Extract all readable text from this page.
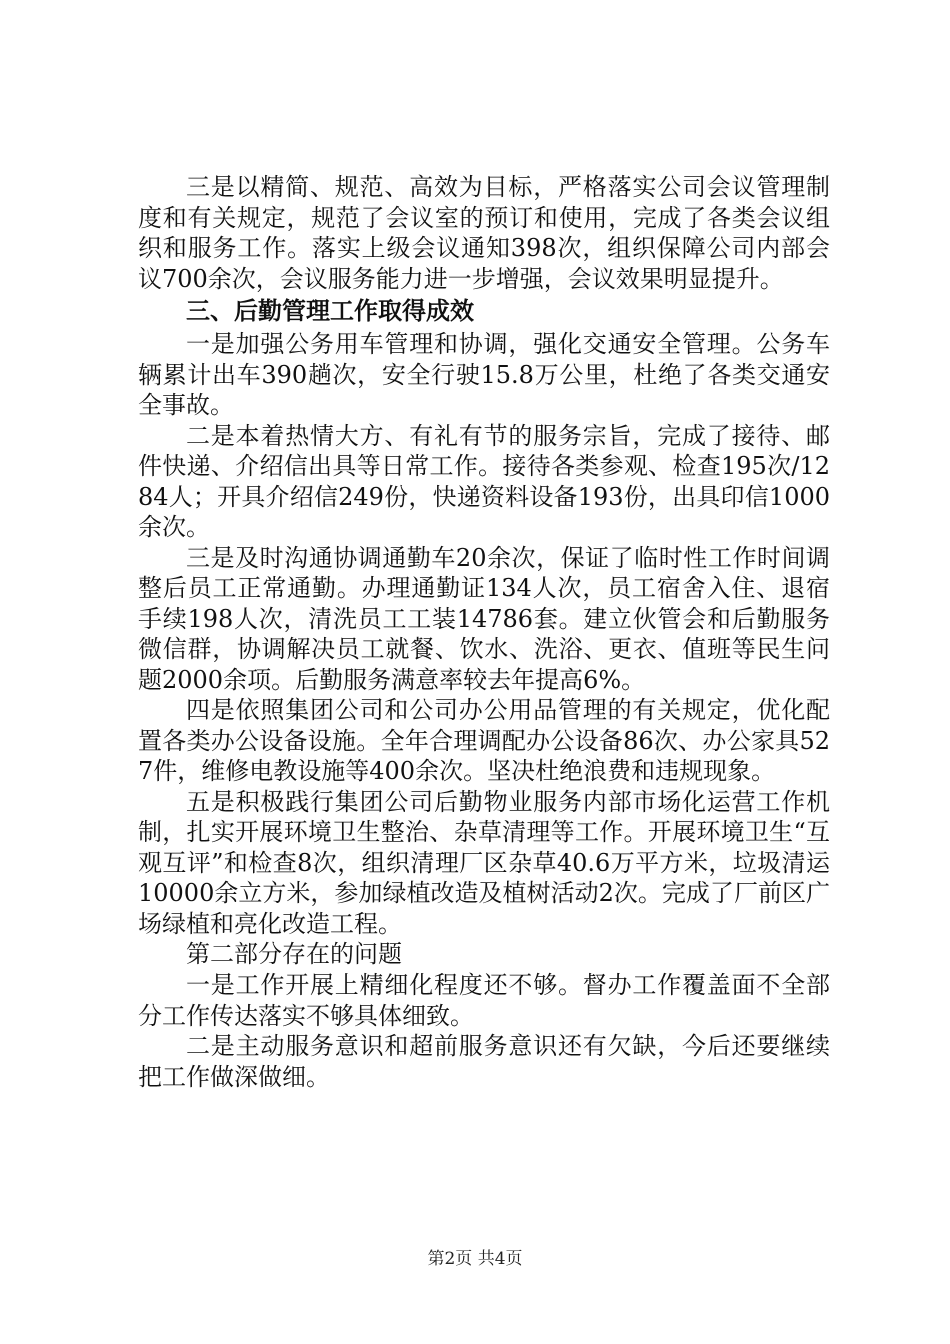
三是以精简、规范、高效为目标，严格落实公司会议管理制度和有关规定，规范了会议室的预订和使用，完成了各类会议组织和服务工作。落实上级会议通知398次，组织保障公司内部会议700余次，会议服务能力进一步增强，会议效果明显提升。

三、后勤管理工作取得成效

一是加强公务用车管理和协调，强化交通安全管理。公务车辆累计出车390趟次，安全行驶15.8万公里，杜绝了各类交通安全事故。

二是本着热情大方、有礼有节的服务宗旨，完成了接待、邮件快递、介绍信出具等日常工作。接待各类参观、检查195次/1284人；开具介绍信249份，快递资料设备193份，出具印信1000余次。

三是及时沟通协调通勤车20余次，保证了临时性工作时间调整后员工正常通勤。办理通勤证134人次，员工宿舍入住、退宿手续198人次，清洗员工工装14786套。建立伙管会和后勤服务微信群，协调解决员工就餐、饮水、洗浴、更衣、值班等民生问题2000余项。后勤服务满意率较去年提高6%。

四是依照集团公司和公司办公用品管理的有关规定，优化配置各类办公设备设施。全年合理调配办公设备86次、办公家具527件，维修电教设施等400余次。坚决杜绝浪费和违规现象。

五是积极践行集团公司后勤物业服务内部市场化运营工作机制，扎实开展环境卫生整治、杂草清理等工作。开展环境卫生“互观互评”和检查8次，组织清理厂区杂草40.6万平方米，垃圾清运10000余立方米，参加绿植改造及植树活动2次。完成了厂前区广场绿植和亮化改造工程。

第二部分存在的问题

一是工作开展上精细化程度还不够。督办工作覆盖面不全部分工作传达落实不够具体细致。

二是主动服务意识和超前服务意识还有欠缺，今后还要继续把工作做深做细。

第2页 共4页
